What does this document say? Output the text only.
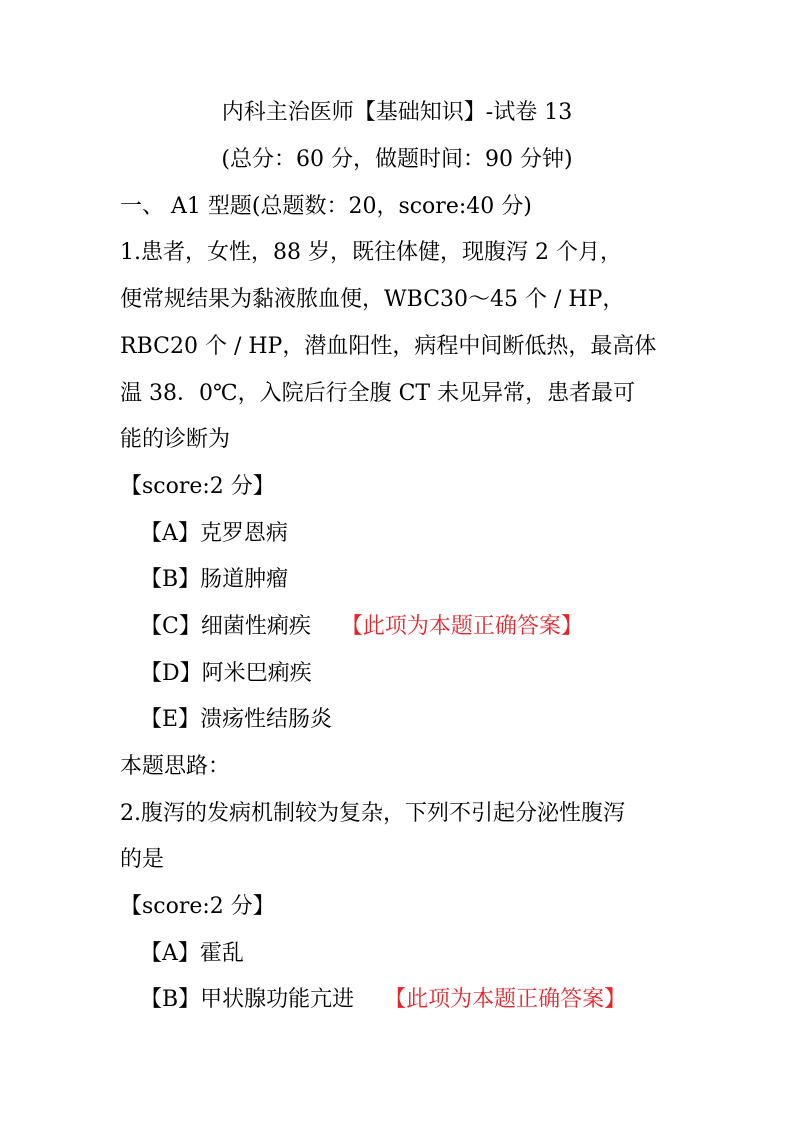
内科主治医师【基础知识】-试卷 13
(总分：60 分，做题时间：90 分钟)
一、 A1 型题(总题数：20，score:40 分)
1.患者，女性，88 岁，既往体健，现腹泻 2 个月，
便常规结果为黏液脓血便，WBC30～45 个 / HP，
RBC20 个 / HP，潜血阳性，病程中间断低热，最高体
温 38．0℃，入院后行全腹 CT 未见异常，患者最可
能的诊断为
【score:2 分】
【A】克罗恩病
【B】肠道肿瘤
【C】细菌性痢疾 【此项为本题正确答案】
【D】阿米巴痢疾
【E】溃疡性结肠炎
本题思路：
2.腹泻的发病机制较为复杂，下列不引起分泌性腹泻
的是
【score:2 分】
【A】霍乱
【B】甲状腺功能亢进 【此项为本题正确答案】
